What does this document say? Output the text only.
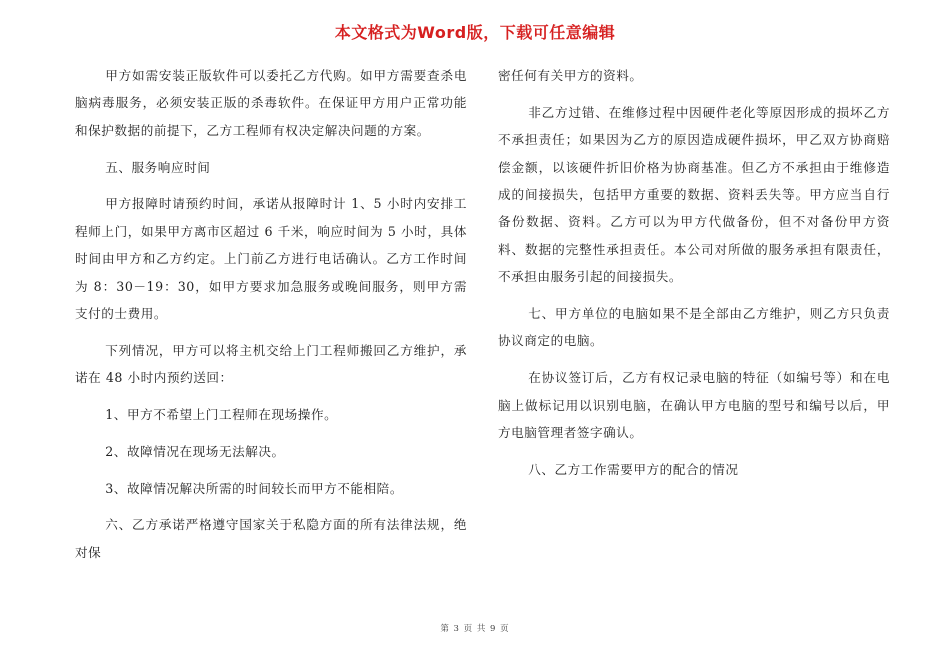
本文格式为Word版，下载可任意编辑

甲方如需安装正版软件可以委托乙方代购。如甲方需要查杀电脑病毒服务，必须安装正版的杀毒软件。在保证甲方用户正常功能和保护数据的前提下，乙方工程师有权决定解决问题的方案。

五、服务响应时间

甲方报障时请预约时间，承诺从报障时计 1、5 小时内安排工程师上门，如果甲方离市区超过 6 千米，响应时间为 5 小时，具体时间由甲方和乙方约定。上门前乙方进行电话确认。乙方工作时间为 8：30－19：30，如甲方要求加急服务或晚间服务，则甲方需支付的士费用。

下列情况，甲方可以将主机交给上门工程师搬回乙方维护，承诺在 48 小时内预约送回：

1、甲方不希望上门工程师在现场操作。

2、故障情况在现场无法解决。

3、故障情况解决所需的时间较长而甲方不能相陪。

六、乙方承诺严格遵守国家关于私隐方面的所有法律法规，绝对保

密任何有关甲方的资料。

非乙方过错、在维修过程中因硬件老化等原因形成的损坏乙方不承担责任；如果因为乙方的原因造成硬件损坏，甲乙双方协商赔偿金额，以该硬件折旧价格为协商基准。但乙方不承担由于维修造成的间接损失，包括甲方重要的数据、资料丢失等。甲方应当自行备份数据、资料。乙方可以为甲方代做备份，但不对备份甲方资料、数据的完整性承担责任。本公司对所做的服务承担有限责任，不承担由服务引起的间接损失。

七、甲方单位的电脑如果不是全部由乙方维护，则乙方只负责协议商定的电脑。

在协议签订后，乙方有权记录电脑的特征（如编号等）和在电脑上做标记用以识别电脑，在确认甲方电脑的型号和编号以后，甲方电脑管理者签字确认。

八、乙方工作需要甲方的配合的情况

第 3 页 共 9 页
